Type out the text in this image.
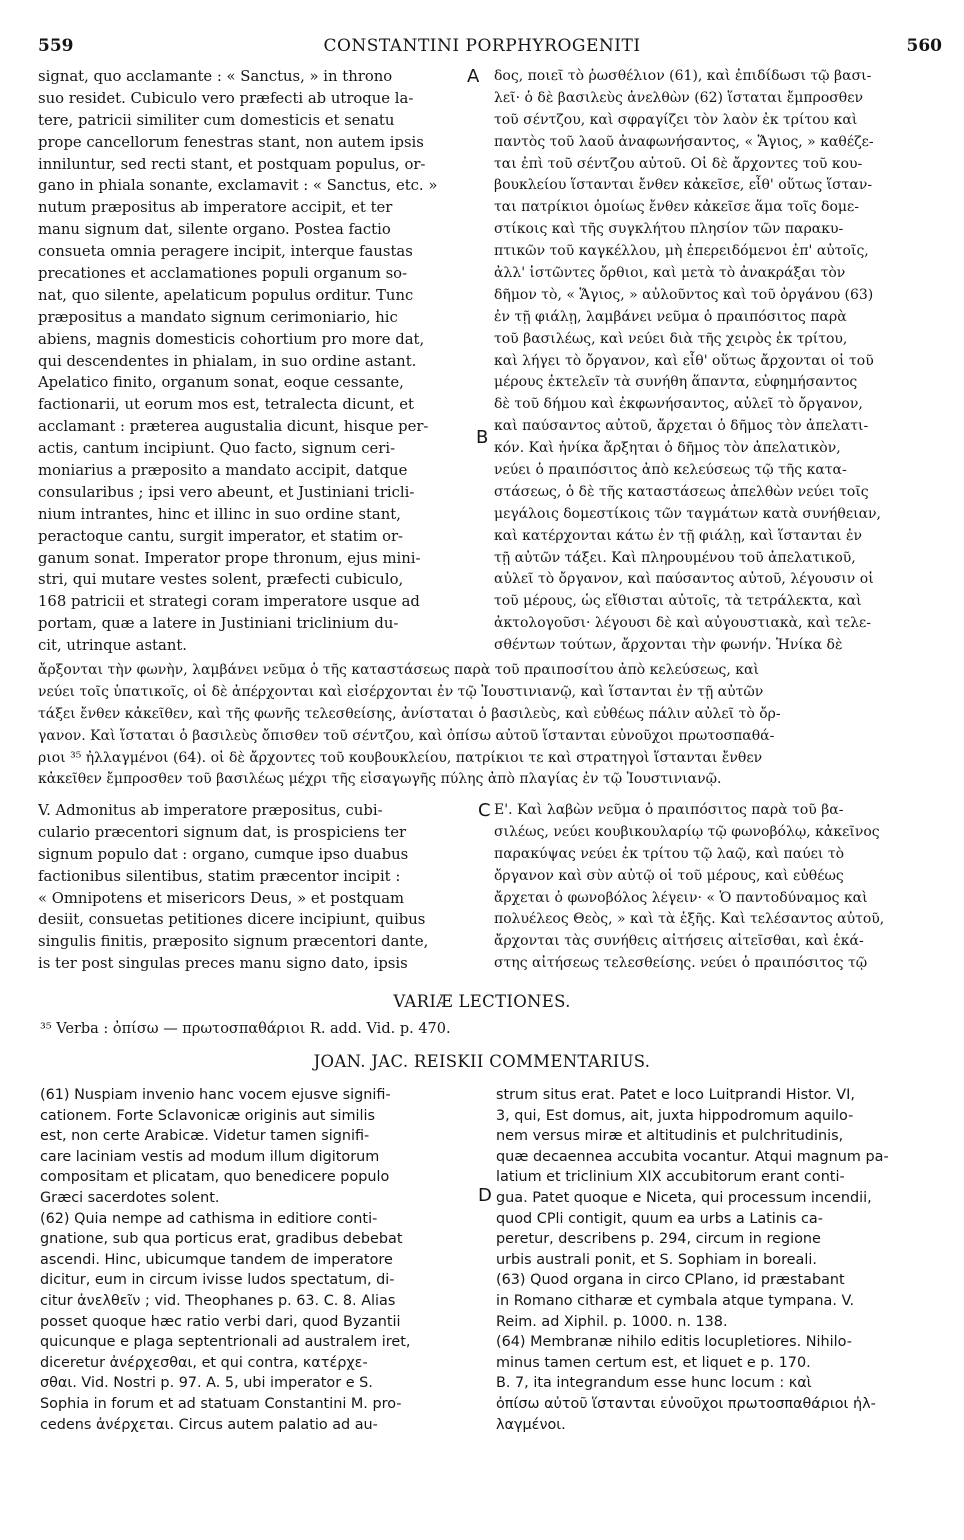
559	CONSTANTINI PORPHYROGENITI	560
A
B
C
D
signat, quo acclamante : « Sanctus, » in throno
suo residet. Cubiculo vero præfecti ab utroque la-
tere, patricii similiter cum domesticis et senatu
prope cancellorum fenestras stant, non autem ipsis
inniluntur, sed recti stant, et postquam populus, or-
gano in phiala sonante, exclamavit : « Sanctus, etc. »
nutum præpositus ab imperatore accipit, et ter
manu signum dat, silente organo. Postea factio
consueta omnia peragere incipit, interque faustas
precationes et acclamationes populi organum so-
nat, quo silente, apelaticum populus orditur. Tunc
præpositus a mandato signum cerimoniario, hic
abiens, magnis domesticis cohortium pro more dat,
qui descendentes in phialam, in suo ordine astant.
Apelatico finito, organum sonat, eoque cessante,
factionarii, ut eorum mos est, tetralecta dicunt, et
acclamant : præterea augustalia dicunt, hisque per-
actis, cantum incipiunt. Quo facto, signum ceri-
moniarius a præposito a mandato accipit, datque
consularibus ; ipsi vero abeunt, et Justiniani tricli-
nium intrantes, hinc et illinc in suo ordine stant,
peractoque cantu, surgit imperator, et statim or-
ganum sonat. Imperator prope thronum, ejus mini-
stri, qui mutare vestes solent, præfecti cubiculo,
168 patricii et strategi coram imperatore usque ad
portam, quæ a latere in Justiniani triclinium du-
cit, utrinque astant.
δος, ποιεῖ τὸ ῥωσθέλιον (61), καὶ ἐπιδίδωσι τῷ βασι-
λεῖ· ὁ δὲ βασιλεὺς ἀνελθὼν (62) ἵσταται ἔμπροσθεν
τοῦ σέντζου, καὶ σφραγίζει τὸν λαὸν ἐκ τρίτου καὶ
παντὸς τοῦ λαοῦ ἀναφωνήσαντος, « Ἅγιος, » καθέζε-
ται ἐπὶ τοῦ σέντζου αὐτοῦ. Οἱ δὲ ἄρχοντες τοῦ κου-
βουκλείου ἵστανται ἔνθεν κἀκεῖσε, εἶθ' οὕτως ἵσταν-
ται πατρίκιοι ὁμοίως ἔνθεν κἀκεῖσε ἅμα τοῖς δομε-
στίκοις καὶ τῆς συγκλήτου πλησίον τῶν παρακυ-
πτικῶν τοῦ καγκέλλου, μὴ ἐπερειδόμενοι ἐπ' αὐτοῖς,
ἀλλ' ἱστῶντες ὄρθιοι, καὶ μετὰ τὸ ἀνακράξαι τὸν
δῆμον τὸ, « Ἅγιος, » αὐλοῦντος καὶ τοῦ ὀργάνου (63)
ἐν τῇ φιάλῃ, λαμβάνει νεῦμα ὁ πραιπόσιτος παρὰ
τοῦ βασιλέως, καὶ νεύει διὰ τῆς χειρὸς ἐκ τρίτου,
καὶ λήγει τὸ ὄργανον, καὶ εἶθ' οὕτως ἄρχονται οἱ τοῦ
μέρους ἐκτελεῖν τὰ συνήθη ἅπαντα, εὐφημήσαντος
δὲ τοῦ δήμου καὶ ἐκφωνήσαντος, αὐλεῖ τὸ ὄργανον,
καὶ παύσαντος αὐτοῦ, ἄρχεται ὁ δῆμος τὸν ἀπελατι-
κόν. Καὶ ἡνίκα ἄρξηται ὁ δῆμος τὸν ἀπελατικὸν,
νεύει ὁ πραιπόσιτος ἀπὸ κελεύσεως τῷ τῆς κατα-
στάσεως, ὁ δὲ τῆς καταστάσεως ἀπελθὼν νεύει τοῖς
μεγάλοις δομεστίκοις τῶν ταγμάτων κατὰ συνήθειαν,
καὶ κατέρχονται κάτω ἐν τῇ φιάλῃ, καὶ ἵστανται ἐν
τῇ αὐτῶν τάξει. Καὶ πληρουμένου τοῦ ἀπελατικοῦ,
αὐλεῖ τὸ ὄργανον, καὶ παύσαντος αὐτοῦ, λέγουσιν οἱ
τοῦ μέρους, ὡς εἴθισται αὐτοῖς, τὰ τετράλεκτα, καὶ
ἀκτολογοῦσι· λέγουσι δὲ καὶ αὐγουστιακὰ, καὶ τελε-
σθέντων τούτων, ἄρχονται τὴν φωνήν. Ἡνίκα δὲ
ἄρξονται τὴν φωνὴν, λαμβάνει νεῦμα ὁ τῆς καταστάσεως παρὰ τοῦ πραιποσίτου ἀπὸ κελεύσεως, καὶ
νεύει τοῖς ὑπατικοῖς, οἱ δὲ ἀπέρχονται καὶ εἰσέρχονται ἐν τῷ Ἰουστινιανῷ, καὶ ἵστανται ἐν τῇ αὐτῶν
τάξει ἔνθεν κἀκεῖθεν, καὶ τῆς φωνῆς τελεσθείσης, ἀνίσταται ὁ βασιλεὺς, καὶ εὐθέως πάλιν αὐλεῖ τὸ ὄρ-
γανον. Καὶ ἵσταται ὁ βασιλεὺς ὄπισθεν τοῦ σέντζου, καὶ ὀπίσω αὐτοῦ ἵστανται εὐνοῦχοι πρωτοσπαθά-
ριοι ³⁵ ἠλλαγμένοι (64). οἱ δὲ ἄρχοντες τοῦ κουβουκλείου, πατρίκιοι τε καὶ στρατηγοὶ ἵστανται ἔνθεν
κἀκεῖθεν ἔμπροσθεν τοῦ βασιλέως μέχρι τῆς εἰσαγωγῆς πύλης ἀπὸ πλαγίας ἐν τῷ Ἰουστινιανῷ.
V. Admonitus ab imperatore præpositus, cubi-
culario præcentori signum dat, is prospiciens ter
signum populo dat : organo, cumque ipso duabus
factionibus silentibus, statim præcentor incipit :
« Omnipotens et misericors Deus, » et postquam
desiit, consuetas petitiones dicere incipiunt, quibus
singulis finitis, præposito signum præcentori dante,
is ter post singulas preces manu signo dato, ipsis
Ε'. Καὶ λαβὼν νεῦμα ὁ πραιπόσιτος παρὰ τοῦ βα-
σιλέως, νεύει κουβικουλαρίῳ τῷ φωνοβόλῳ, κἀκεῖνος
παρακύψας νεύει ἐκ τρίτου τῷ λαῷ, καὶ παύει τὸ
ὄργανον καὶ σὺν αὐτῷ οἱ τοῦ μέρους, καὶ εὐθέως
ἄρχεται ὁ φωνοβόλος λέγειν· « Ὁ παντοδύναμος καὶ
πολυέλεος Θεὸς, » καὶ τὰ ἑξῆς. Καὶ τελέσαντος αὐτοῦ,
ἄρχονται τὰς συνήθεις αἰτήσεις αἰτεῖσθαι, καὶ ἑκά-
στης αἰτήσεως τελεσθείσης. νεύει ὁ πραιπόσιτος τῷ
VARIÆ LECTIONES.
³⁵ Verba : ὀπίσω — πρωτοσπαθάριοι R. add. Vid. p. 470.
JOAN. JAC. REISKII COMMENTARIUS.
(61) Nuspiam invenio hanc vocem ejusve signifi-
cationem. Forte Sclavonicæ originis aut similis
est, non certe Arabicæ. Videtur tamen signifi-
care laciniam vestis ad modum illum digitorum
compositam et plicatam, quo benedicere populo
Græci sacerdotes solent.
(62) Quia nempe ad cathisma in editiore conti-
gnatione, sub qua porticus erat, gradibus debebat
ascendi. Hinc, ubicumque tandem de imperatore
dicitur, eum in circum ivisse ludos spectatum, di-
citur ἀνελθεῖν ; vid. Theophanes p. 63. C. 8. Alias
posset quoque hæc ratio verbi dari, quod Byzantii
quicunque e plaga septentrionali ad australem iret,
diceretur ἀνέρχεσθαι, et qui contra, κατέρχε-
σθαι. Vid. Nostri p. 97. A. 5, ubi imperator e S.
Sophia in forum et ad statuam Constantini M. pro-
cedens ἀνέρχεται. Circus autem palatio ad au-
strum situs erat. Patet e loco Luitprandi Histor. VI,
3, qui, Est domus, ait, juxta hippodromum aquilo-
nem versus miræ et altitudinis et pulchritudinis,
quæ decaennea accubita vocantur. Atqui magnum pa-
latium et triclinium XIX accubitorum erant conti-
gua. Patet quoque e Niceta, qui processum incendii,
quod CPli contigit, quum ea urbs a Latinis ca-
peretur, describens p. 294, circum in regione
urbis australi ponit, et S. Sophiam in boreali.
(63) Quod organa in circo CPlano, id præstabant
in Romano citharæ et cymbala atque tympana. V.
Reim. ad Xiphil. p. 1000. n. 138.
(64) Membranæ nihilo editis locupletiores. Nihilo-
minus tamen certum est, et liquet e p. 170.
B. 7, ita integrandum esse hunc locum : καὶ
ὀπίσω αὐτοῦ ἵστανται εὐνοῦχοι πρωτοσπαθάριοι ἠλ-
λαγμένοι.
